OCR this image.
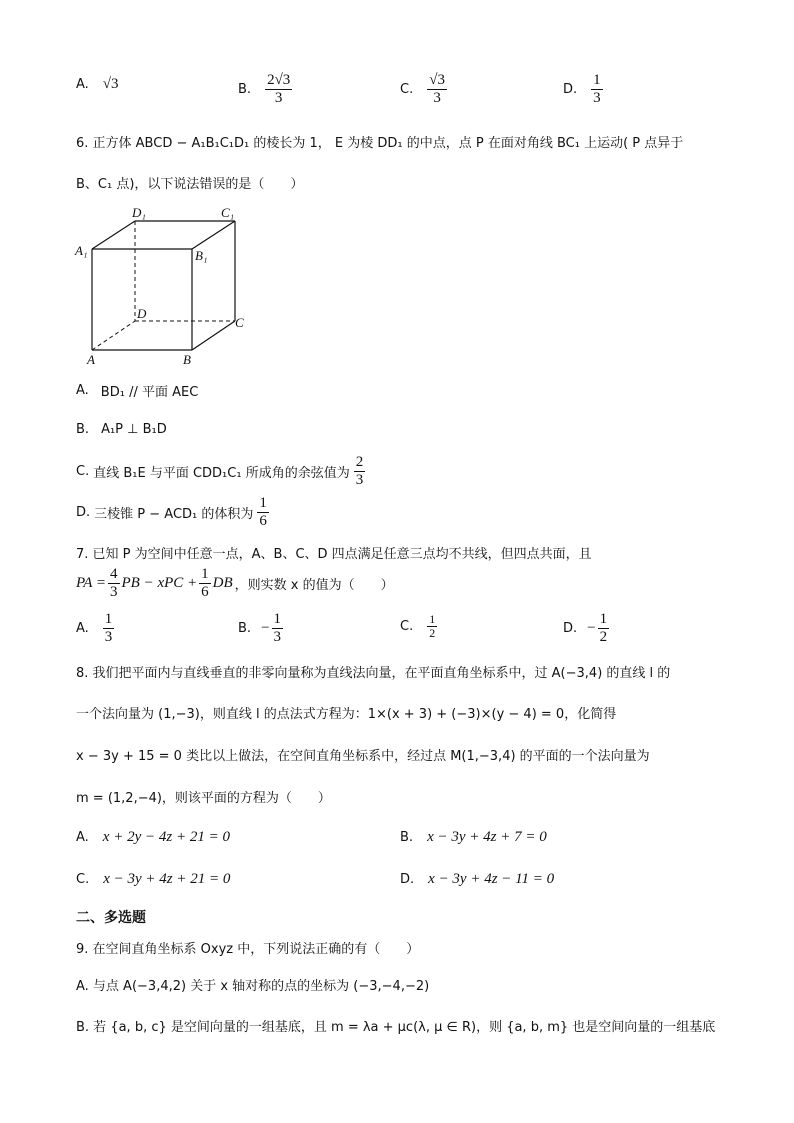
A. √3	B. $\frac{2√3}{3}$	C. $\frac{√3}{3}$	D. $\frac{1}{3}$
6. 正方体 ABCD − A₁B₁C₁D₁ 的棱长为 1， E 为棱 DD₁ 的中点，点 P 在面对角线 BC₁ 上运动( P 点异于
B、C₁ 点)，以下说法错误的是（　　）
D₁	C₁
A₁	B₁
D
C
A	B
A. BD₁ // 平面 AEC
B. A₁P ⊥ B₁D
C. 直线 B₁E 与平面 CDD₁C₁ 所成角的余弦值为 $\frac{2}{3}$
D. 三棱锥 P − ACD₁ 的体积为 $\frac{1}{6}$
7. 已知 P 为空间中任意一点，A、B、C、D 四点满足任意三点均不共线，但四点共面，且
PA = $\frac{4}{3}$ PB − xPC + $\frac{1}{6}$ DB ，则实数 x 的值为（　　）
A. $\frac{1}{3}$	B. − $\frac{1}{3}$	C. $\frac{1}{2}$	D. − $\frac{1}{2}$
8. 我们把平面内与直线垂直的非零向量称为直线法向量，在平面直角坐标系中，过 A(−3,4) 的直线 l 的
一个法向量为 (1,−3)，则直线 l 的点法式方程为：1×(x + 3) + (−3)×(y − 4) = 0，化简得
x − 3y + 15 = 0 类比以上做法，在空间直角坐标系中，经过点 M(1,−3,4) 的平面的一个法向量为
m = (1,2,−4)，则该平面的方程为（　　）
A. x + 2y − 4z + 21 = 0	B. x − 3y + 4z + 7 = 0
C. x − 3y + 4z + 21 = 0	D. x − 3y + 4z − 11 = 0
二、多选题
9. 在空间直角坐标系 Oxyz 中，下列说法正确的有（　　）
A. 与点 A(−3,4,2) 关于 x 轴对称的点的坐标为 (−3,−4,−2)
B. 若 {a, b, c} 是空间向量的一组基底，且 m = λa + μc(λ, μ ∈ R)，则 {a, b, m} 也是空间向量的一组基底
